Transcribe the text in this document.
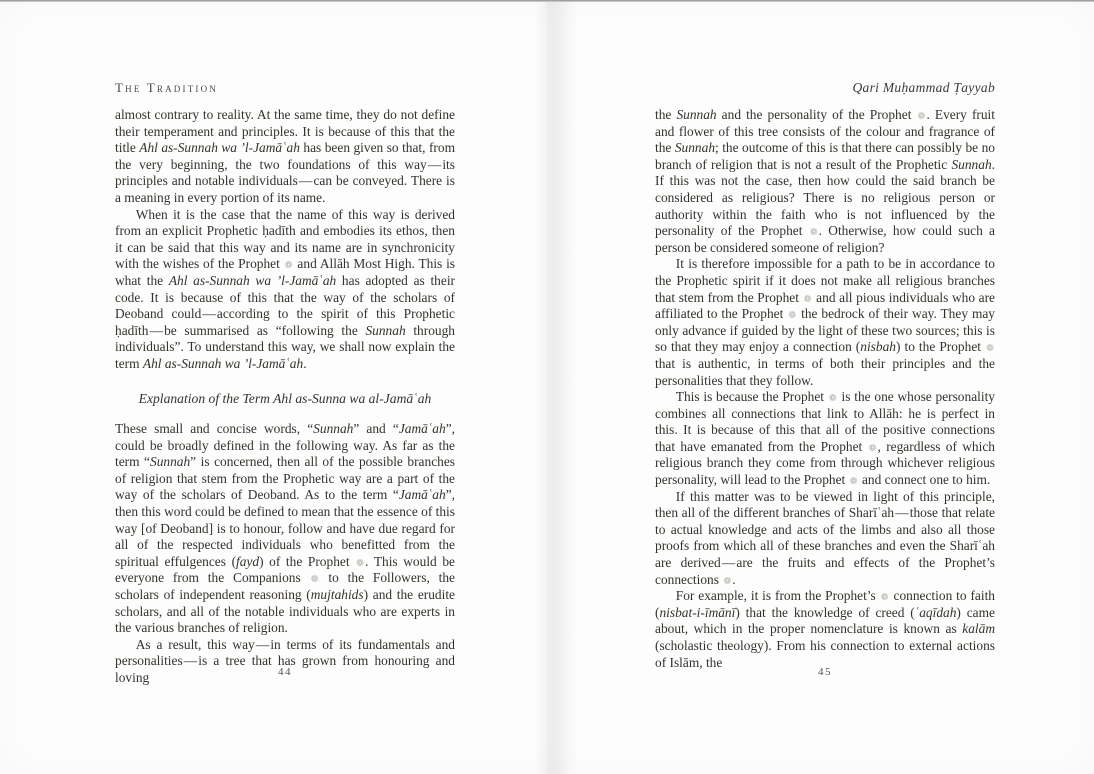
The Tradition

almost contrary to reality. At the same time, they do not define their temperament and principles. It is because of this that the title Ahl as-Sunnah wa ’l-Jamāʿah has been given so that, from the very beginning, the two foundations of this way — its principles and notable individuals — can be conveyed. There is a meaning in every portion of its name.

When it is the case that the name of this way is derived from an explicit Prophetic ḥadīth and embodies its ethos, then it can be said that this way and its name are in synchronicity with the wishes of the Prophet ❁ and Allāh Most High. This is what the Ahl as-Sunnah wa ’l-Jamāʿah has adopted as their code. It is because of this that the way of the scholars of Deoband could — according to the spirit of this Prophetic ḥadīth — be summarised as “following the Sunnah through individuals”. To understand this way, we shall now explain the term Ahl as-Sunnah wa ’l-Jamāʿah.

Explanation of the Term Ahl as-Sunna wa al-Jamāʿah

These small and concise words, “Sunnah” and “Jamāʿah”, could be broadly defined in the following way. As far as the term “Sunnah” is concerned, then all of the possible branches of religion that stem from the Prophetic way are a part of the way of the scholars of Deoband. As to the term “Jamāʿah”, then this word could be defined to mean that the essence of this way [of Deoband] is to honour, follow and have due regard for all of the respected individuals who benefitted from the spiritual effulgences (fayd) of the Prophet ❁. This would be everyone from the Companions ❁ to the Followers, the scholars of independent reasoning (mujtahids) and the erudite scholars, and all of the notable individuals who are experts in the various branches of religion.

As a result, this way — in terms of its fundamentals and personalities — is a tree that has grown from honouring and loving	44
Qari Muḥammad Ṭayyab

the Sunnah and the personality of the Prophet ❁. Every fruit and flower of this tree consists of the colour and fragrance of the Sunnah; the outcome of this is that there can possibly be no branch of religion that is not a result of the Prophetic Sunnah. If this was not the case, then how could the said branch be considered as religious? There is no religious person or authority within the faith who is not influenced by the personality of the Prophet ❁. Otherwise, how could such a person be considered someone of religion?

It is therefore impossible for a path to be in accordance to the Prophetic spirit if it does not make all religious branches that stem from the Prophet ❁ and all pious individuals who are affiliated to the Prophet ❁ the bedrock of their way. They may only advance if guided by the light of these two sources; this is so that they may enjoy a connection (nisbah) to the Prophet ❁ that is authentic, in terms of both their principles and the personalities that they follow.

This is because the Prophet ❁ is the one whose personality combines all connections that link to Allāh: he is perfect in this. It is because of this that all of the positive connections that have emanated from the Prophet ❁, regardless of which religious branch they come from through whichever religious personality, will lead to the Prophet ❁ and connect one to him.

If this matter was to be viewed in light of this principle, then all of the different branches of Sharīʿah — those that relate to actual knowledge and acts of the limbs and also all those proofs from which all of these branches and even the Sharīʿah are derived — are the fruits and effects of the Prophet’s connections ❁.

For example, it is from the Prophet’s ❁ connection to faith (nisbat-i-īmānī) that the knowledge of creed (ʿaqīdah) came about, which in the proper nomenclature is known as kalām (scholastic theology). From his connection to external actions of Islām, the

45
